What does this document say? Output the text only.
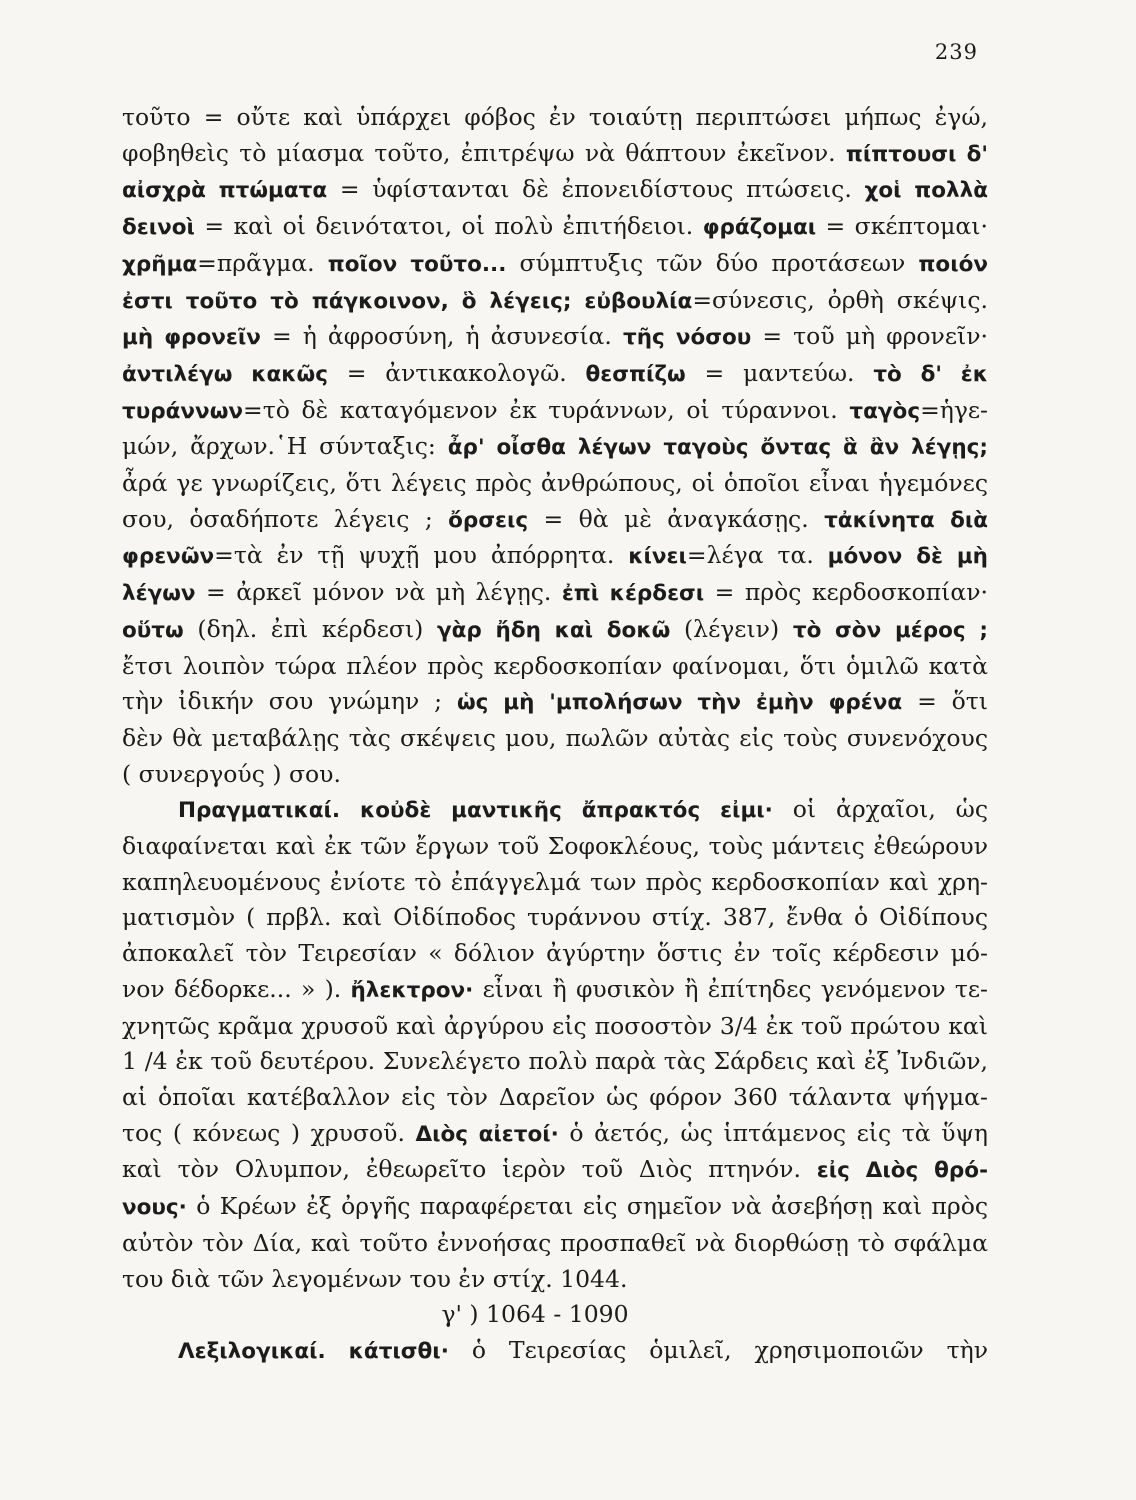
239
τοῦτο = οὔτε καὶ ὑπάρχει φόβος ἐν τοιαύτῃ περιπτώσει μήπως ἐγώ,
φοβηθεὶς τὸ μίασμα τοῦτο, ἐπιτρέψω νὰ θάπτουν ἐκεῖνον. πίπτουσι δ'
αἰσχρὰ πτώματα = ὑφίστανται δὲ ἐπονειδίστους πτώσεις. χοἱ πολλὰ
δεινοὶ = καὶ οἱ δεινότατοι, οἱ πολὺ ἐπιτήδειοι. φράζομαι = σκέπτομαι·
χρῆμα=πρᾶγμα. ποῖον τοῦτο... σύμπτυξις τῶν δύο προτάσεων ποιόν
ἐστι τοῦτο τὸ πάγκοινον, ὃ λέγεις; εὐβουλία=σύνεσις, ὀρθὴ σκέψις.
μὴ φρονεῖν = ἡ ἀφροσύνη, ἡ ἀσυνεσία. τῆς νόσου = τοῦ μὴ φρονεῖν·
ἀντιλέγω κακῶς = ἀντικακολογῶ. θεσπίζω = μαντεύω. τὸ δ' ἐκ
τυράννων=τὸ δὲ καταγόμενον ἐκ τυράννων, οἱ τύραννοι. ταγὸς=ἡγε-
μών, ἄρχων.῾Η σύνταξις: ἆρ' οἶσθα λέγων ταγοὺς ὄντας ἃ ἂν λέγῃς;
ἆρά γε γνωρίζεις, ὅτι λέγεις πρὸς ἀνθρώπους, οἱ ὁποῖοι εἶναι ἡγεμόνες
σου, ὁσαδήποτε λέγεις ; ὄρσεις = θὰ μὲ ἀναγκάσῃς. τἀκίνητα διὰ
φρενῶν=τὰ ἐν τῇ ψυχῇ μου ἀπόρρητα. κίνει=λέγα τα. μόνον δὲ μὴ
λέγων = ἀρκεῖ μόνον νὰ μὴ λέγῃς. ἐπὶ κέρδεσι = πρὸς κερδοσκοπίαν·
οὕτω (δηλ. ἐπὶ κέρδεσι) γὰρ ἤδη καὶ δοκῶ (λέγειν) τὸ σὸν μέρος ;
ἔτσι λοιπὸν τώρα πλέον πρὸς κερδοσκοπίαν φαίνομαι, ὅτι ὁμιλῶ κατὰ
τὴν ἰδικήν σου γνώμην ; ὡς μὴ 'μπολήσων τὴν ἐμὴν φρένα = ὅτι
δὲν θὰ μεταβάλῃς τὰς σκέψεις μου, πωλῶν αὐτὰς εἰς τοὺς συνενόχους
( συνεργούς ) σου.
Πραγματικαί. κοὐδὲ μαντικῆς ἄπρακτός εἰμι· οἱ ἀρχαῖοι, ὡς
διαφαίνεται καὶ ἐκ τῶν ἔργων τοῦ Σοφοκλέους, τοὺς μάντεις ἐθεώρουν
καπηλευομένους ἐνίοτε τὸ ἐπάγγελμά των πρὸς κερδοσκοπίαν καὶ χρη-
ματισμὸν ( πρβλ. καὶ Οἰδίποδος τυράννου στίχ. 387, ἔνθα ὁ Οἰδίπους
ἀποκαλεῖ τὸν Τειρεσίαν « δόλιον ἀγύρτην ὅστις ἐν τοῖς κέρδεσιν μό-
νον δέδορκε... » ). ἤλεκτρον· εἶναι ἢ φυσικὸν ἢ ἐπίτηδες γενόμενον τε-
χνητῶς κρᾶμα χρυσοῦ καὶ ἀργύρου εἰς ποσοστὸν 3/4 ἐκ τοῦ πρώτου καὶ
1 /4 ἐκ τοῦ δευτέρου. Συνελέγετο πολὺ παρὰ τὰς Σάρδεις καὶ ἐξ Ἰνδιῶν,
αἱ ὁποῖαι κατέβαλλον εἰς τὸν Δαρεῖον ὡς φόρον 360 τάλαντα ψήγμα-
τος ( κόνεως ) χρυσοῦ. Διὸς αἰετοί· ὁ ἀετός, ὡς ἱπτάμενος εἰς τὰ ὕψη
καὶ τὸν Ολυμπον, ἐθεωρεῖτο ἱερὸν τοῦ Διὸς πτηνόν. εἰς Διὸς θρό-
νους· ὁ Κρέων ἐξ ὀργῆς παραφέρεται εἰς σημεῖον νὰ ἀσεβήσῃ καὶ πρὸς
αὐτὸν τὸν Δία, καὶ τοῦτο ἐννοήσας προσπαθεῖ νὰ διορθώσῃ τὸ σφάλμα
του διὰ τῶν λεγομένων του ἐν στίχ. 1044.
γ' ) 1064 - 1090
Λεξιλογικαί. κάτισθι· ὁ Τειρεσίας ὁμιλεῖ, χρησιμοποιῶν τὴν
